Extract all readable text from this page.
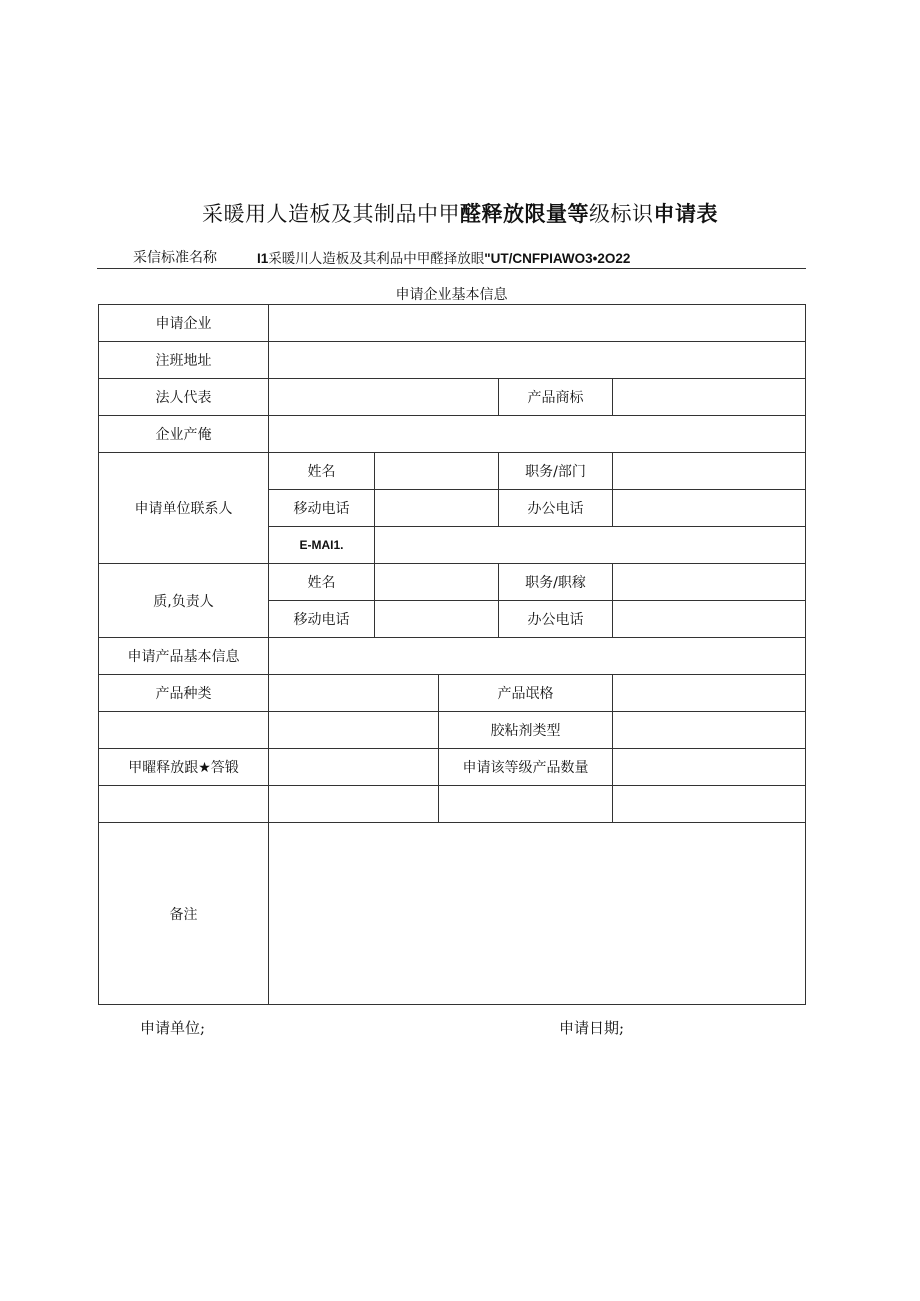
采暖用人造板及其制品中甲醛释放限量等级标识申请表
采信标准名称	I1采暖川人造板及其利品中甲醛择放眼"UT/CNFPIAWO3•2O22
申请企业基本信息
申请企业					
注班地址					
法人代表				产品商标	
企业产俺					
申请单位联系人	姓名			职务/部门	
	移动电话			办公电话	
	E-MAI1.				
质,负责人	姓名			职务/职稼	
	移动电话			办公电话	
申请产品基本信息					
产品种类			产品氓格		
			胶粘剂类型		
甲曜释放跟★答锻			申请该等级产品数量		

备注					
申请单位;	申请日期;
